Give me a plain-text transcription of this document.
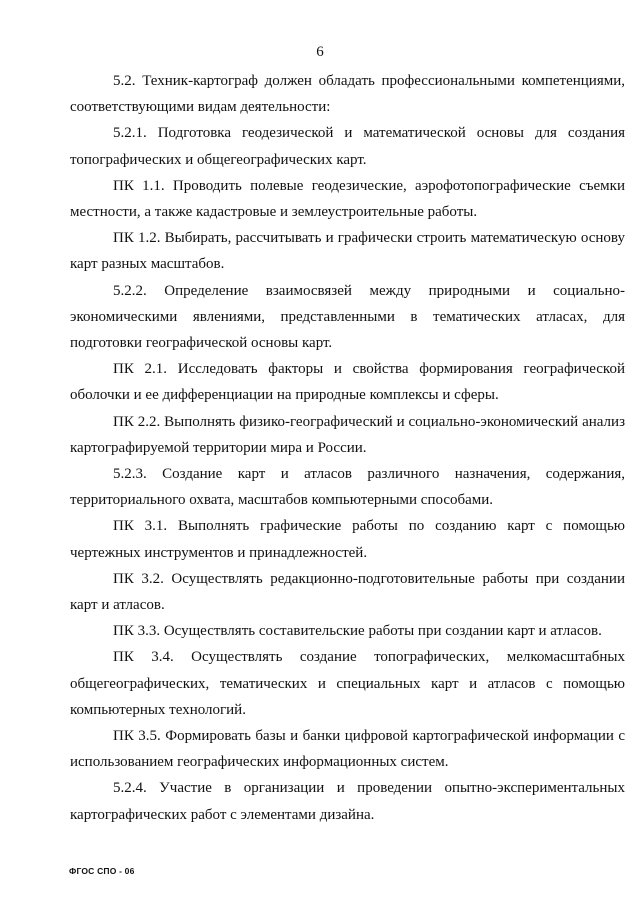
6

5.2. Техник-картограф должен обладать профессиональными компетенциями, соответствующими видам деятельности:

5.2.1. Подготовка геодезической и математической основы для создания топографических и общегеографических карт.

ПК 1.1. Проводить полевые геодезические, аэрофотопографические съемки местности, а также кадастровые и землеустроительные работы.

ПК 1.2. Выбирать, рассчитывать и графически строить математическую основу карт разных масштабов.

5.2.2. Определение взаимосвязей между природными и социально-экономическими явлениями, представленными в тематических атласах, для подготовки географической основы карт.

ПК 2.1. Исследовать факторы и свойства формирования географической оболочки и ее дифференциации на природные комплексы и сферы.

ПК 2.2. Выполнять физико-географический и социально-экономический анализ картографируемой территории мира и России.

5.2.3. Создание карт и атласов различного назначения, содержания, территориального охвата, масштабов компьютерными способами.

ПК 3.1. Выполнять графические работы по созданию карт с помощью чертежных инструментов и принадлежностей.

ПК 3.2. Осуществлять редакционно-подготовительные работы при создании карт и атласов.

ПК 3.3. Осуществлять составительские работы при создании карт и атласов.

ПК 3.4. Осуществлять создание топографических, мелкомасштабных общегеографических, тематических и специальных карт и атласов с помощью компьютерных технологий.

ПК 3.5. Формировать базы и банки цифровой картографической информации с использованием географических информационных систем.

5.2.4. Участие в организации и проведении опытно-экспериментальных картографических работ с элементами дизайна.

ФГОС СПО - 06
